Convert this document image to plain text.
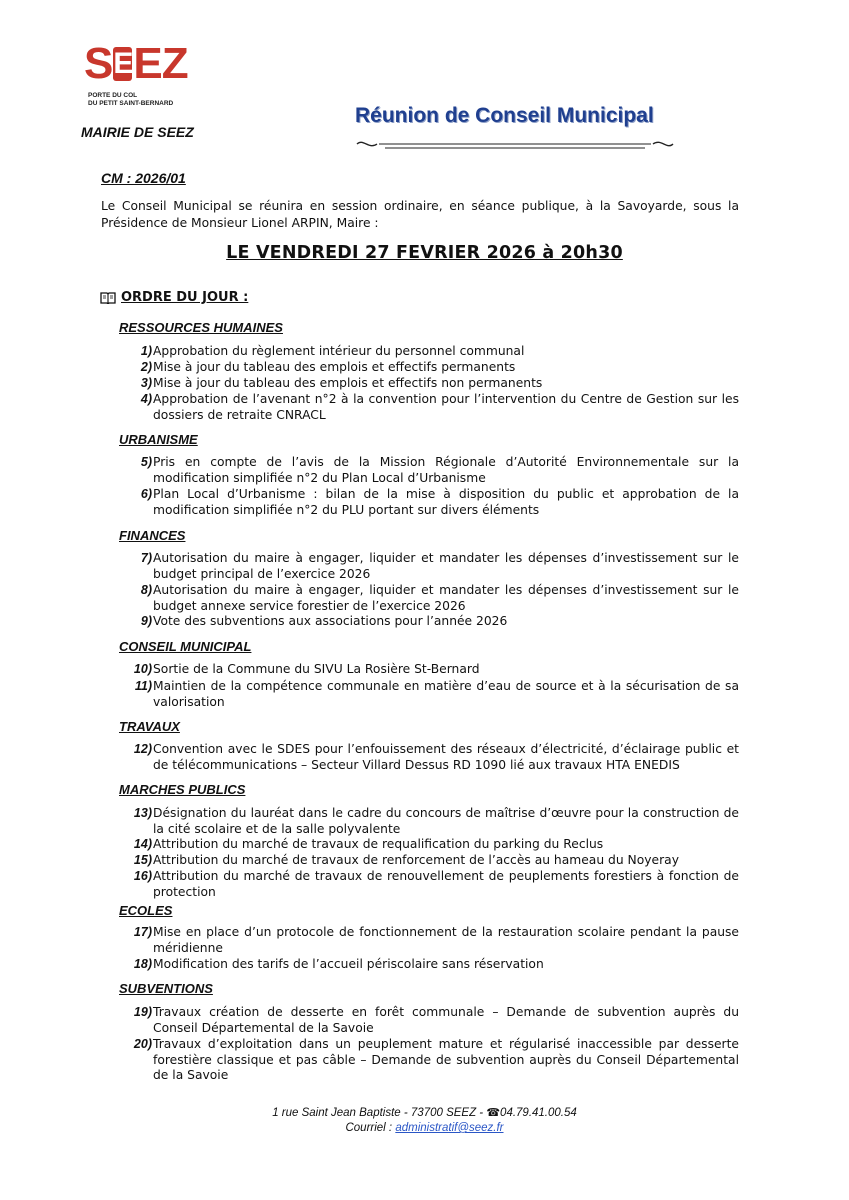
S E EZ
PORTE DU COL
DU PETIT SAINT-BERNARD
MAIRIE DE SEEZ
Réunion de Conseil Municipal
CM : 2026/01
Le Conseil Municipal se réunira en session ordinaire, en séance publique, à la Savoyarde, sous la Présidence de Monsieur Lionel ARPIN, Maire :
LE VENDREDI 27 FEVRIER 2026 à 20h30
ORDRE DU JOUR :
RESSOURCES HUMAINES
1) Approbation du règlement intérieur du personnel communal
2) Mise à jour du tableau des emplois et effectifs permanents
3) Mise à jour du tableau des emplois et effectifs non permanents
4) Approbation de l’avenant n°2 à la convention pour l’intervention du Centre de Gestion sur les dossiers de retraite CNRACL
URBANISME
5) Pris en compte de l’avis de la Mission Régionale d’Autorité Environnementale sur la modification simplifiée n°2 du Plan Local d’Urbanisme
6) Plan Local d’Urbanisme : bilan de la mise à disposition du public et approbation de la modification simplifiée n°2 du PLU portant sur divers éléments
FINANCES
7) Autorisation du maire à engager, liquider et mandater les dépenses d’investissement sur le budget principal de l’exercice 2026
8) Autorisation du maire à engager, liquider et mandater les dépenses d’investissement sur le budget annexe service forestier de l’exercice 2026
9) Vote des subventions aux associations pour l’année 2026
CONSEIL MUNICIPAL
10) Sortie de la Commune du SIVU La Rosière St-Bernard
11) Maintien de la compétence communale en matière d’eau de source et à la sécurisation de sa valorisation
TRAVAUX
12) Convention avec le SDES pour l’enfouissement des réseaux d’électricité, d’éclairage public et de télécommunications – Secteur Villard Dessus RD 1090 lié aux travaux HTA ENEDIS
MARCHES PUBLICS
13) Désignation du lauréat dans le cadre du concours de maîtrise d’œuvre pour la construction de la cité scolaire et de la salle polyvalente
14) Attribution du marché de travaux de requalification du parking du Reclus
15) Attribution du marché de travaux de renforcement de l’accès au hameau du Noyeray
16) Attribution du marché de travaux de renouvellement de peuplements forestiers à fonction de protection
ECOLES
17) Mise en place d’un protocole de fonctionnement de la restauration scolaire pendant la pause méridienne
18) Modification des tarifs de l’accueil périscolaire sans réservation
SUBVENTIONS
19) Travaux création de desserte en forêt communale – Demande de subvention auprès du Conseil Départemental de la Savoie
20) Travaux d’exploitation dans un peuplement mature et régularisé inaccessible par desserte forestière classique et pas câble – Demande de subvention auprès du Conseil Départemental de la Savoie
1 rue Saint Jean Baptiste - 73700 SEEZ - ☎04.79.41.00.54
Courriel : administratif@seez.fr
